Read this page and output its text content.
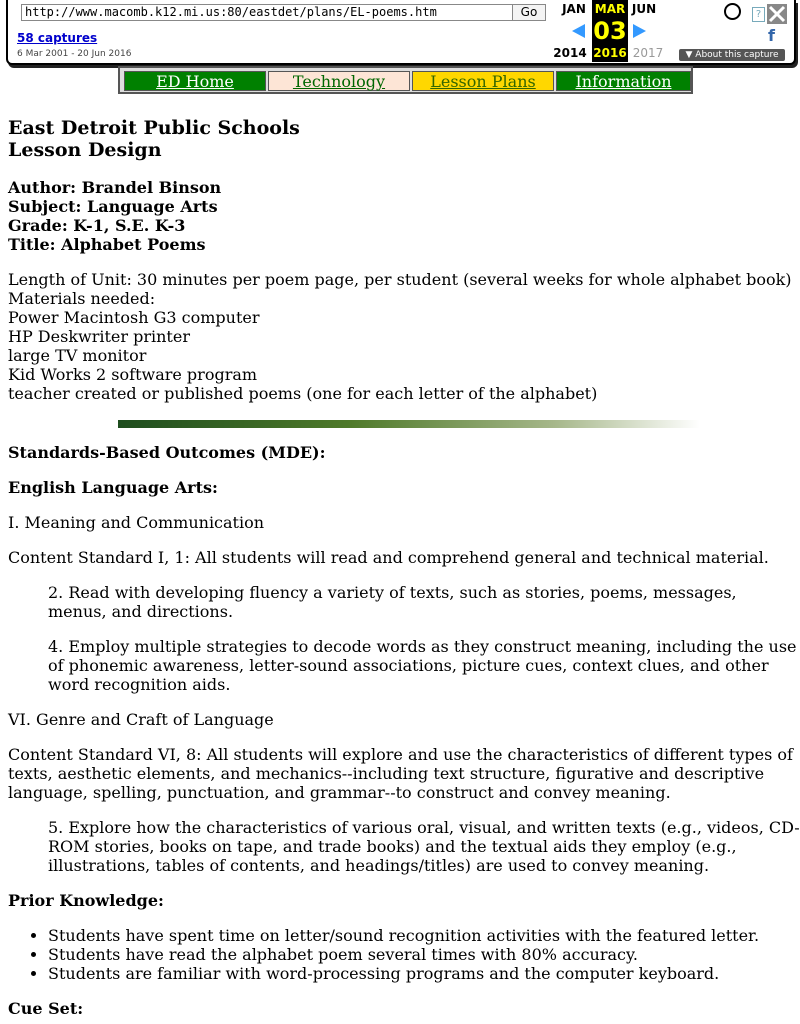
http://www.macomb.k12.mi.us:80/eastdet/plans/EL-poems.htm	Go
58 captures
6 Mar 2001 - 20 Jun 2016
JAN MAR JUN
03
2014 2016 2017
?
f
▼ About this capture
ED Home	Technology	Lesson Plans	Information
East Detroit Public Schools
Lesson Design

Author: Brandel Binson

Subject: Language Arts

Grade: K-1, S.E. K-3

Title: Alphabet Poems

Length of Unit: 30 minutes per poem page, per student (several weeks for whole alphabet book)

Materials needed:

Power Macintosh G3 computer

HP Deskwriter printer

large TV monitor

Kid Works 2 software program

teacher created or published poems (one for each letter of the alphabet)

Standards-Based Outcomes (MDE):

English Language Arts:

I. Meaning and Communication

Content Standard I, 1: All students will read and comprehend general and technical material.

2. Read with developing fluency a variety of texts, such as stories, poems, messages, menus, and directions.

4. Employ multiple strategies to decode words as they construct meaning, including the use of phonemic awareness, letter-sound associations, picture cues, context clues, and other word recognition aids.

VI. Genre and Craft of Language

Content Standard VI, 8: All students will explore and use the characteristics of different types of texts, aesthetic elements, and mechanics--including text structure, figurative and descriptive language, spelling, punctuation, and grammar--to construct and convey meaning.

5. Explore how the characteristics of various oral, visual, and written texts (e.g., videos, CD-ROM stories, books on tape, and trade books) and the textual aids they employ (e.g., illustrations, tables of contents, and headings/titles) are used to convey meaning.

Prior Knowledge:

• Students have spent time on letter/sound recognition activities with the featured letter.
• Students have read the alphabet poem several times with 80% accuracy.
• Students are familiar with word-processing programs and the computer keyboard.

Cue Set:
